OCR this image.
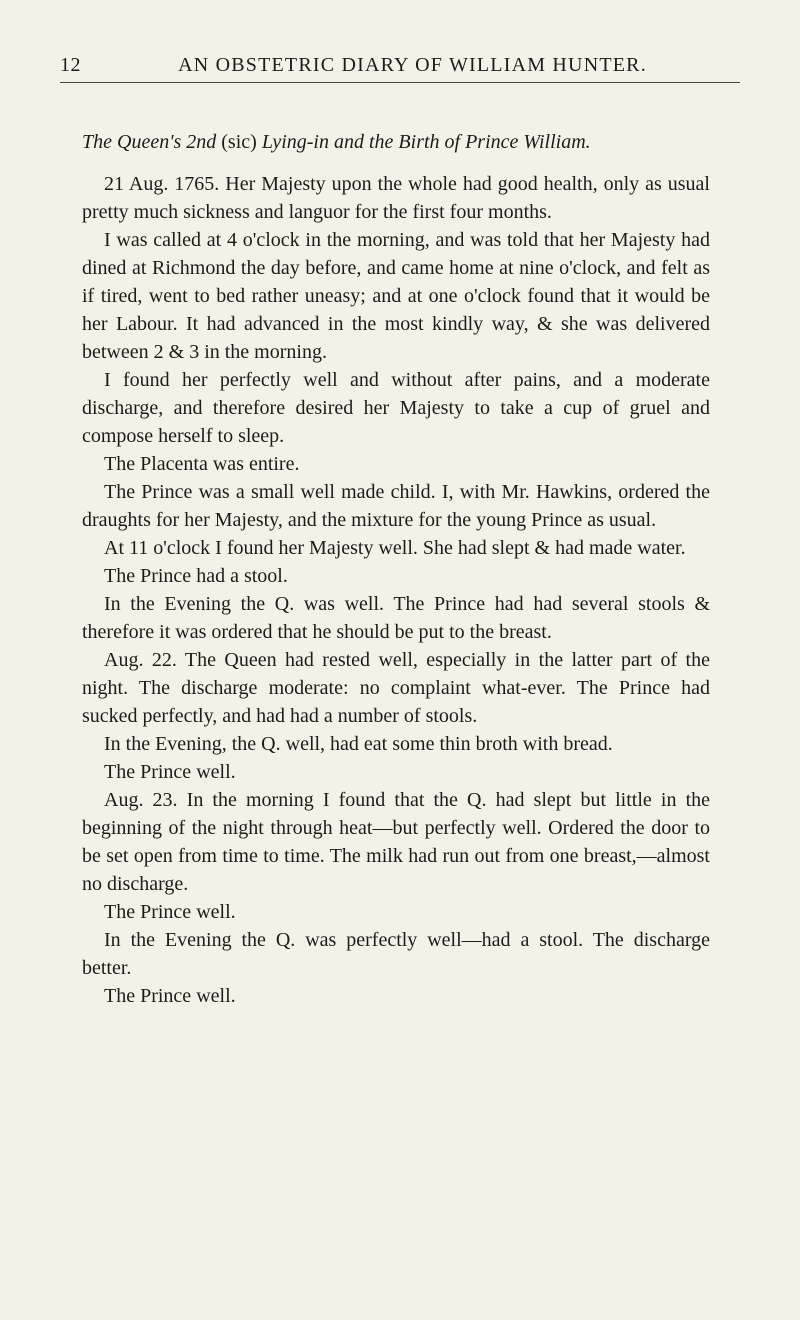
12	AN OBSTETRIC DIARY OF WILLIAM HUNTER.
The Queen's 2nd (sic) Lying-in and the Birth of Prince William.

21 Aug. 1765. Her Majesty upon the whole had good health, only as usual pretty much sickness and languor for the first four months.

I was called at 4 o'clock in the morning, and was told that her Majesty had dined at Richmond the day before, and came home at nine o'clock, and felt as if tired, went to bed rather uneasy; and at one o'clock found that it would be her Labour. It had advanced in the most kindly way, & she was delivered between 2 & 3 in the morning.

I found her perfectly well and without after pains, and a moderate discharge, and therefore desired her Majesty to take a cup of gruel and compose herself to sleep.

The Placenta was entire.

The Prince was a small well made child. I, with Mr. Hawkins, ordered the draughts for her Majesty, and the mixture for the young Prince as usual.

At 11 o'clock I found her Majesty well. She had slept & had made water.

The Prince had a stool.

In the Evening the Q. was well. The Prince had had several stools & therefore it was ordered that he should be put to the breast.

Aug. 22. The Queen had rested well, especially in the latter part of the night. The discharge moderate: no complaint what-ever. The Prince had sucked perfectly, and had had a number of stools.

In the Evening, the Q. well, had eat some thin broth with bread.

The Prince well.

Aug. 23. In the morning I found that the Q. had slept but little in the beginning of the night through heat—but perfectly well. Ordered the door to be set open from time to time. The milk had run out from one breast,—almost no discharge.

The Prince well.

In the Evening the Q. was perfectly well—had a stool. The discharge better.

The Prince well.
